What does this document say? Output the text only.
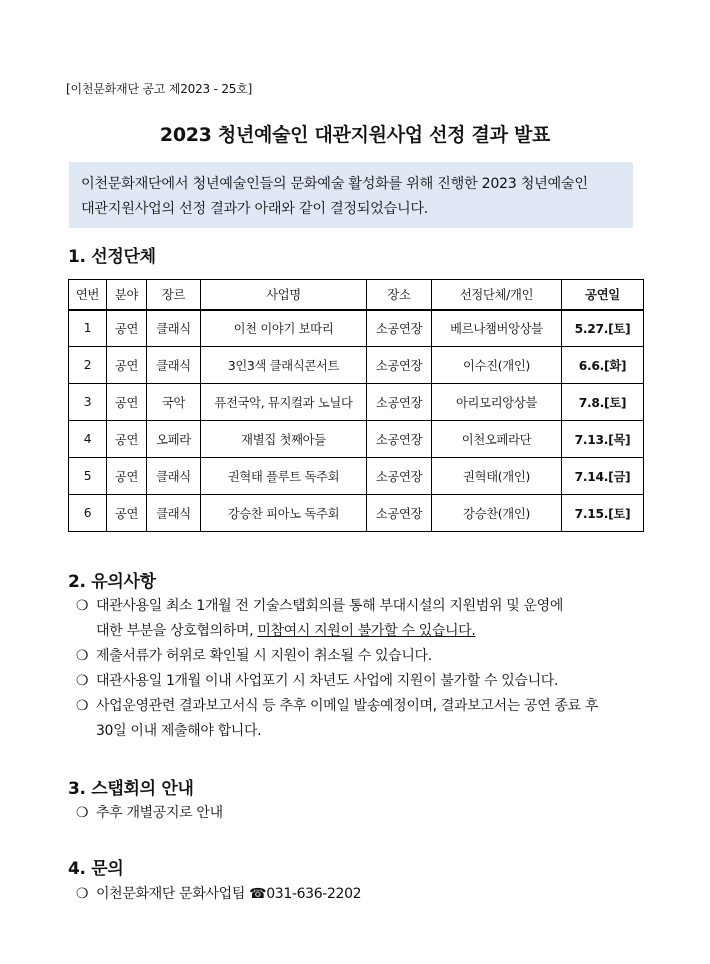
[이천문화재단 공고 제2023 - 25호]
2023 청년예술인 대관지원사업 선정 결과 발표
이천문화재단에서 청년예술인들의 문화예술 활성화를 위해 진행한 2023 청년예술인
대관지원사업의 선정 결과가 아래와 같이 결정되었습니다.
1. 선정단체
연번	분야	장르	사업명	장소	선정단체/개인	공연일
1	공연	클래식	이천 이야기 보따리	소공연장	베르나챔버앙상블	5.27.[토]
2	공연	클래식	3인3색 클래식콘서트	소공연장	이수진(개인)	6.6.[화]
3	공연	국악	퓨전국악, 뮤지컬과 노닐다	소공연장	아리모리앙상블	7.8.[토]
4	공연	오페라	재별집 첫째아들	소공연장	이천오페라단	7.13.[목]
5	공연	클래식	권혁태 플루트 독주회	소공연장	권혁태(개인)	7.14.[금]
6	공연	클래식	강승찬 피아노 독주회	소공연장	강승찬(개인)	7.15.[토]
2. 유의사항
❍ 대관사용일 최소 1개월 전 기술스탭회의를 통해 부대시설의 지원범위 및 운영에
대한 부분을 상호협의하며, 미참여시 지원이 불가할 수 있습니다.
❍ 제출서류가 허위로 확인될 시 지원이 취소될 수 있습니다.
❍ 대관사용일 1개월 이내 사업포기 시 차년도 사업에 지원이 불가할 수 있습니다.
❍ 사업운영관련 결과보고서식 등 추후 이메일 발송예정이며, 결과보고서는 공연 종료 후
30일 이내 제출해야 합니다.
3. 스탭회의 안내
❍ 추후 개별공지로 안내
4. 문의
❍ 이천문화재단 문화사업팀 ☎031-636-2202
